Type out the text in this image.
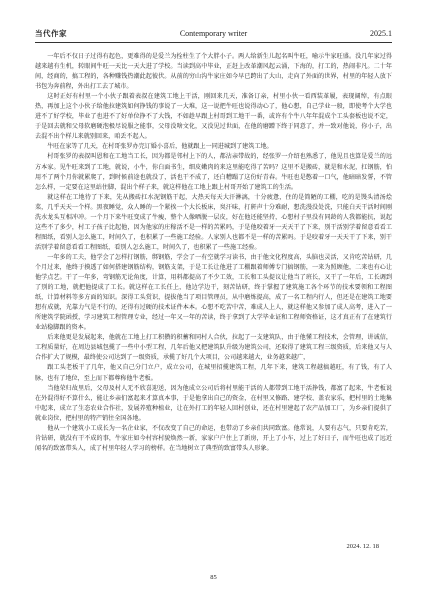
当代作家	Contemporary writer	2025.1

一年后不仅日子过得有起色，更难得的是爱兰为拴柱生了个大胖小子。两人给新生儿起名叫牛旺，喻示牛家旺盛。没几年家过得越来越有生机，转眼间牛旺一天比一天大进了学校。当读到高中毕业，正赶上改革潮风起云涌，下海的，打工的，热闹非凡。二十年间，经商的，搞工程的，各种赚钱热潮此起彼伏。从前的穷山沟牛家庄如今早已跨出了大山，走向了外面的世界，村里的年轻人放下书包为奔前程，外出打工去了城市。

这时正好有村里一个小伙子跟着表叔在建筑工地上干活，刚回来几天，准备订亲，村里小伙一看西装革履，表现阔绰，有点眼热，再加上这个小伙子给他拉建筑如何挣钱的事说了一大堆，这一说把牛旺也说得动心了，他心想，自己学业一般，即使考个大学也进不了好学校，毕业了也进不了好单位挣不了大钱，不如趁早跟上村哥到工地干一番，或许有个牛八年年混成个工头套板也说不定，于是回去就和父母软磨硬泡极尽说服之能事，父母没啥文化，又没见过世面，在他的磨蹭下终于同意了，并一致对他说，你小子，出去混不出个样儿来就别回来，咱丢不起人。

牛旺在家等了几天，在村哥张罗办完订婚小喜后，他就跟上一同进城到了建筑工地。

村哥张罗的表叔叫恩和在工地当工长，因为都是邻村上下的人，都沾亲带故的，经张罗一介绍也熟悉了，他见且也算是爱兰的远方本家。见牛旺来到了工地，就说，小牛，你白面书生，细皮嫩肉的来这里能吃得了苦吗？这里不是搬砖，就是和水泥，扛钢筋，怕用不了两个月你就累爬了，到时候前途也就没了，活也干不成了，还白糟蹋了这份好青春。牛旺也是憋着一口气，他暗暗发誓，不管怎么样，一定要在这里站住脚，混出个样子来，就这样他在工地上跟上村哥开始了建筑工的生活。

就这样在工地待了下来，先从搬砖扛水泥钢筋干起，大热天每天大汗淋漓，十分疲惫，住的是简陋的工棚，吃的是馒头清汤烩菜，几乎天天一个样。黑夜睡觉，众人睡的一个紧挨一个大长板床，臭汗味，打鼾声十分难耐，想洗漫没处洗，只能白天干活时间刚洗水龙头互相冲冲。一个月下来牛旺变成了牛瘦，整个人像晒脱一层皮，好在他还能坚持，心想村子里没有同龄的人我都能抗，说起这些不了多少，村工子孩子比起他，因为他家的庄稼活不是一样的苦累吗，于是他咬着牙一天天干了下来，别干活别学着留意看看工程图纸，看别人怎么施工，时间久了，也积累了一些施工经验。人家别人也都不是一样的苦累吗。于是咬着牙一天天干了下来，别干活别学着留意看看工程图纸，看别人怎么施工，时间久了，也积累了一些施工经验。

一年多的工夫，他学会了怎样打钢筋，绑钢筋，学会了一有空就学习读书，由于他文化程度高，头脑也灵活，又肯吃苦钻研，几个月过来，他终于摸透了如何搭建钢筋结构，钢筋支架，于是工长让他进了工棚跟着师傅专门搞钢筋，一来为照顾他，二来也有心让他学点艺。干了一年多，弯钢筋无论角度，计算，用料都提高了不少工效，工长和工头提议让他当了班长，又干了一年后，工长调到了别的工地，就把他提成了工长。就这样在工长任上，他边学边干，刻苦钻研，终于掌握了建筑施工各个环节的技术要领和工程图纸，计算材料等多方面的知识。深得工头赏识，提拔他当了项目管理员，从中磨炼提高，成了一名工程内行人，但还是在建筑工地要想有成就，光靠力气是不行的，还得有过硬的技术证件本本。心想不吃苦中苦，难成人上人，就这样他又参加了成人高考，进入了一所建筑学院函授，学习建筑工程管理专业，经过一年又一年的苦读，终于拿到了大学毕业证和工程师资格证，这才真正有了在建筑行业站稳脚跟的资本。

后来他更是发展起来，他就在工地上打工积攒的积蓄和同村人合伙，拉起了一支建筑队，由于他懂工程技术，会管理，讲诚信，工程质量好，在周边县城包揽了一些中小型工程，几年后他又把建筑队升级为建筑公司，还取得了建筑工程三级资质，后来他又与人合作扩大了规模，最终使公司达到了一级资质，承揽了好几个大项目，公司越来越大，业务越来越广，

跟工头老板干了几年，他又自己分门立户，成立公司，在城里招揽建筑工程，几年下来，建筑工程越搞越旺，有了钱，有了人脉，也有了地位，至上而下都尊称他牛老板。

当他荣归故里后，父母及村人无不欣喜迎送，因为他成立公司后将村里能干活的人都带到工地干活挣钱，都富了起来，牛老板说在外混得好不算什么，能让乡亲们富起来才算真本事，于是他拿出自己的资金，在村里又修路、建学校、盖农家乐，把村里的土地集中起来，成立了生态农业合作社，发展养殖种植业，让在外打工的年轻人回村创业，还在村里建起了农产品加工厂，为乡亲们提供了就业岗位，把村里的特产销往全国各地。

他从一个建筑小工成长为一名企业家，不仅改变了自己的命运，也带动了乡亲们共同致富。他常说，人要有志气，只要肯吃苦，肯钻研，就没有干不成的事，牛家庄如今村容村貌焕然一新，家家户户住上了新房，开上了小车，过上了好日子，而牛旺也成了远近闻名的致富带头人，成了村里年轻人学习的榜样。在当地树立了典型的致富带头人形象。

2024. 12. 18
85
